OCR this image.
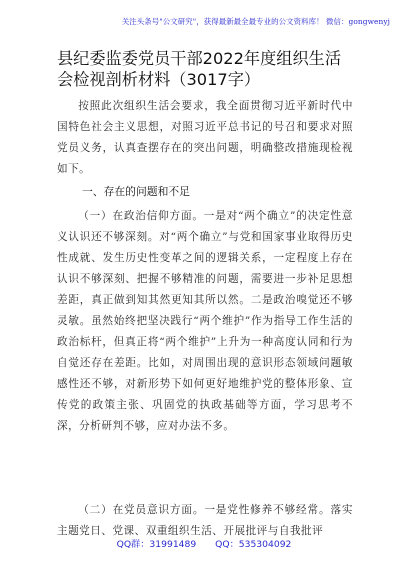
关注头条号"公文研究"，获得最新最全最专业的公文资料库！ 微信：gongwenyj
县纪委监委党员干部2022年度组织生活会检视剖析材料（3017字）

按照此次组织生活会要求，我全面贯彻习近平新时代中国特色社会主义思想，对照习近平总书记的号召和要求对照党员义务，认真查摆存在的突出问题，明确整改措施现检视如下。

一、存在的问题和不足

（一）在政治信仰方面。一是对“两个确立”的决定性意义认识还不够深刻。对“两个确立”与党和国家事业取得历史性成就、发生历史性变革之间的逻辑关系，一定程度上存在认识不够深刻、把握不够精准的问题，需要进一步补足思想差距，真正做到知其然更知其所以然。二是政治嗅觉还不够灵敏。虽然始终把坚决践行“两个维护”作为指导工作生活的政治标杆，但真正将“两个维护”上升为一种高度认同和行为自觉还存在差距。比如，对周围出现的意识形态领域问题敏感性还不够，对新形势下如何更好地维护党的整体形象、宣传党的政策主张、巩固党的执政基础等方面，学习思考不深，分析研判不够，应对办法不多。

（二）在党员意识方面。一是党性修养不够经常。落实主题党日、党课、双重组织生活、开展批评与自我批评

QQ群：31991489 QQ：535304092
